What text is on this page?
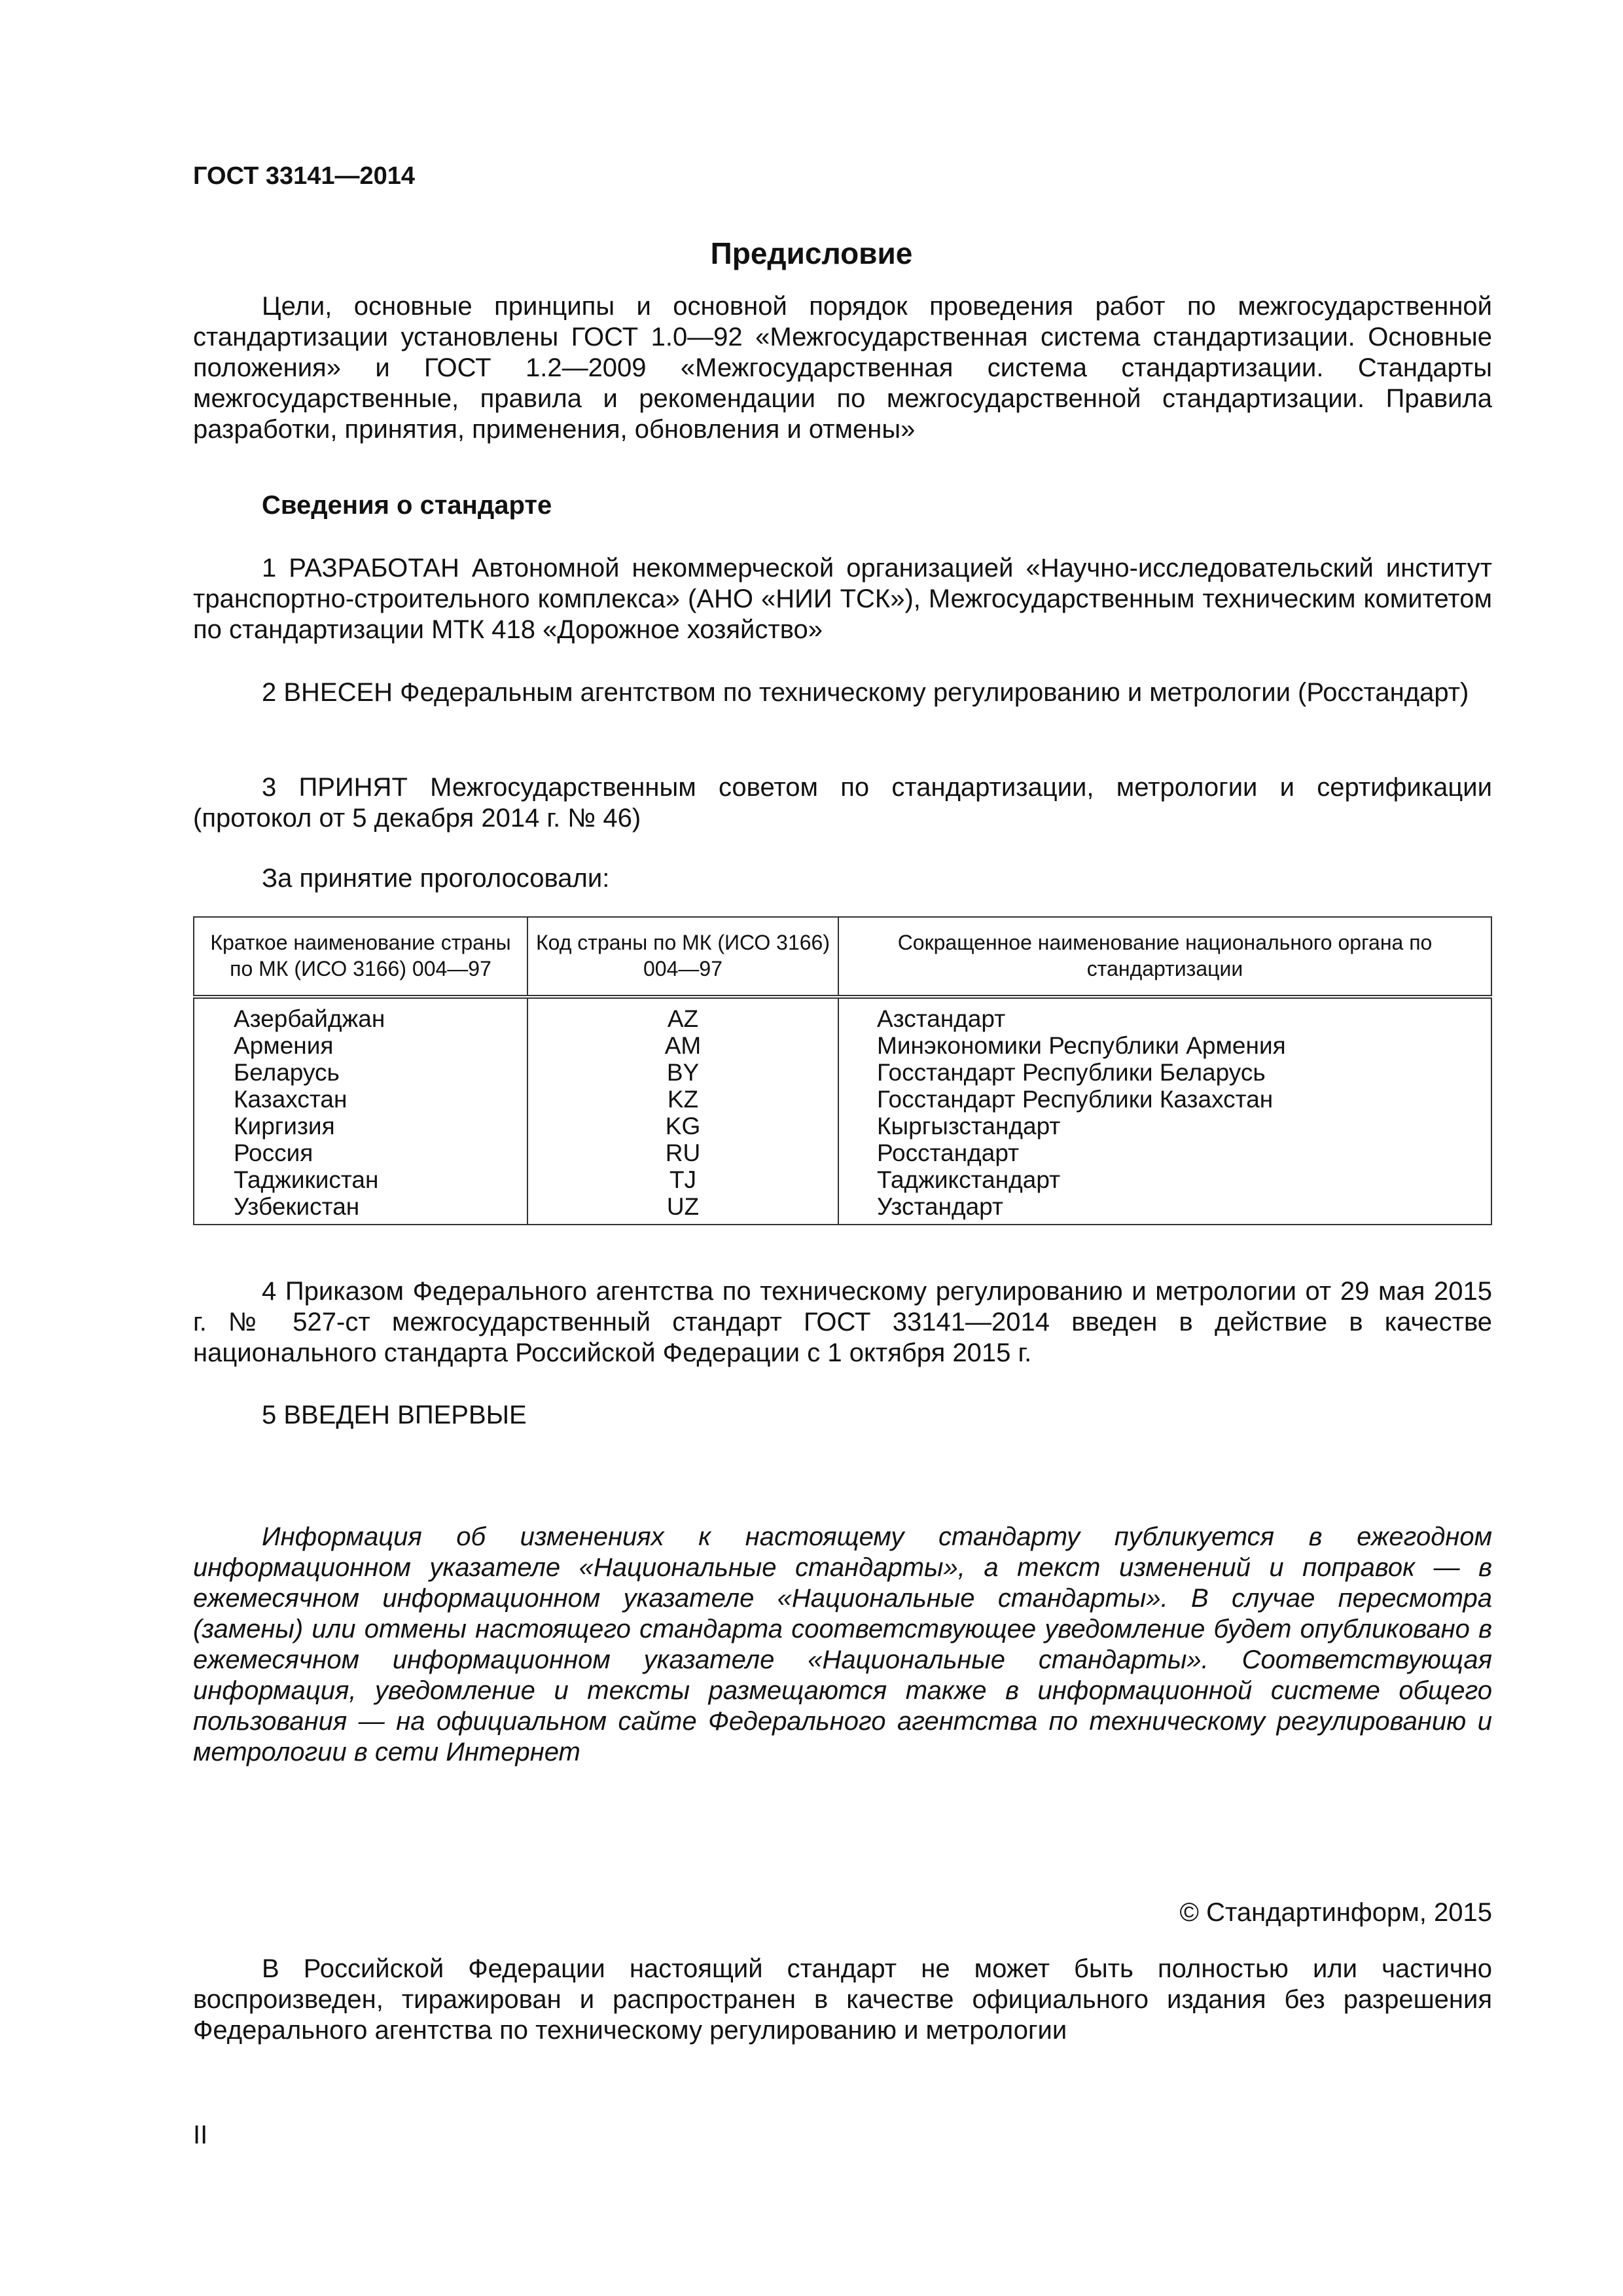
ГОСТ 33141—2014
Предисловие

Цели, основные принципы и основной порядок проведения работ по межгосударственной стандартизации установлены ГОСТ 1.0—92 «Межгосударственная система стандартизации. Основные положения» и ГОСТ 1.2—2009 «Межгосударственная система стандартизации. Стандарты межгосударственные, правила и рекомендации по межгосударственной стандартизации. Правила разработки, принятия, применения, обновления и отмены»

Сведения о стандарте

1 РАЗРАБОТАН Автономной некоммерческой организацией «Научно-исследовательский институт транспортно-строительного комплекса» (АНО «НИИ ТСК»), Межгосударственным техническим комитетом по стандартизации МТК 418 «Дорожное хозяйство»

2 ВНЕСЕН Федеральным агентством по техническому регулированию и метрологии (Росстандарт)

3 ПРИНЯТ Межгосударственным советом по стандартизации, метрологии и сертификации (протокол от 5 декабря 2014 г. № 46)

За принятие проголосовали:
Краткое наименование страны по МК (ИСО 3166) 004—97	Код страны по МК (ИСО 3166) 004—97	Сокращенное наименование национального органа по стандартизации
Азербайджан	AZ	Азстандарт
Армения	AM	Минэкономики Республики Армения
Беларусь	BY	Госстандарт Республики Беларусь
Казахстан	KZ	Госстандарт Республики Казахстан
Киргизия	KG	Кыргызстандарт
Россия	RU	Росстандарт
Таджикистан	TJ	Таджикстандарт
Узбекистан	UZ	Узстандарт

4 Приказом Федерального агентства по техническому регулированию и метрологии от 29 мая 2015 г. № 527-ст межгосударственный стандарт ГОСТ 33141—2014 введен в действие в качестве национального стандарта Российской Федерации с 1 октября 2015 г.

5 ВВЕДЕН ВПЕРВЫЕ

Информация об изменениях к настоящему стандарту публикуется в ежегодном информационном указателе «Национальные стандарты», а текст изменений и поправок — в ежемесячном информационном указателе «Национальные стандарты». В случае пересмотра (замены) или отмены настоящего стандарта соответствующее уведомление будет опубликовано в ежемесячном информационном указателе «Национальные стандарты». Соответствующая информация, уведомление и тексты размещаются также в информационной системе общего пользования — на официальном сайте Федерального агентства по техническому регулированию и метрологии в сети Интернет

© Стандартинформ, 2015

В Российской Федерации настоящий стандарт не может быть полностью или частично воспроизведен, тиражирован и распространен в качестве официального издания без разрешения Федерального агентства по техническому регулированию и метрологии

II
